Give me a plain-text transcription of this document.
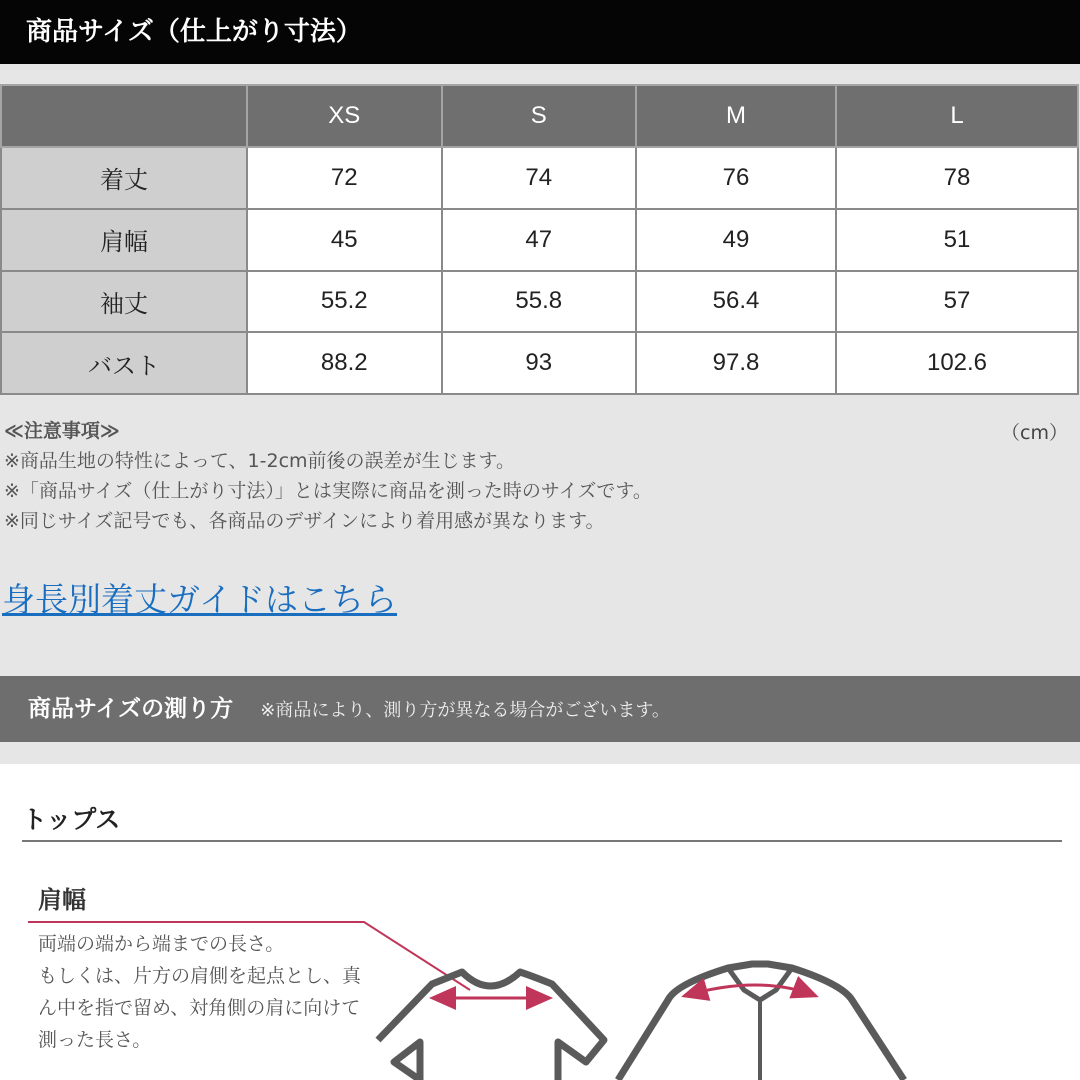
商品サイズ（仕上がり寸法）
	XS	S	M	L
着丈	72	74	76	78
肩幅	45	47	49	51
袖丈	55.2	55.8	56.4	57
バスト	88.2	93	97.8	102.6
≪注意事項≫
※商品生地の特性によって、1-2cm前後の誤差が生じます。
※「商品サイズ（仕上がり寸法）」とは実際に商品を測った時のサイズです。
※同じサイズ記号でも、各商品のデザインにより着用感が異なります。
（cm）
身長別着丈ガイドはこちら
商品サイズの測り方 ※商品により、測り方が異なる場合がございます。
トップス
肩幅
両端の端から端までの長さ。
もしくは、片方の肩側を起点とし、真ん中を指で留め、対角側の肩に向けて測った長さ。
